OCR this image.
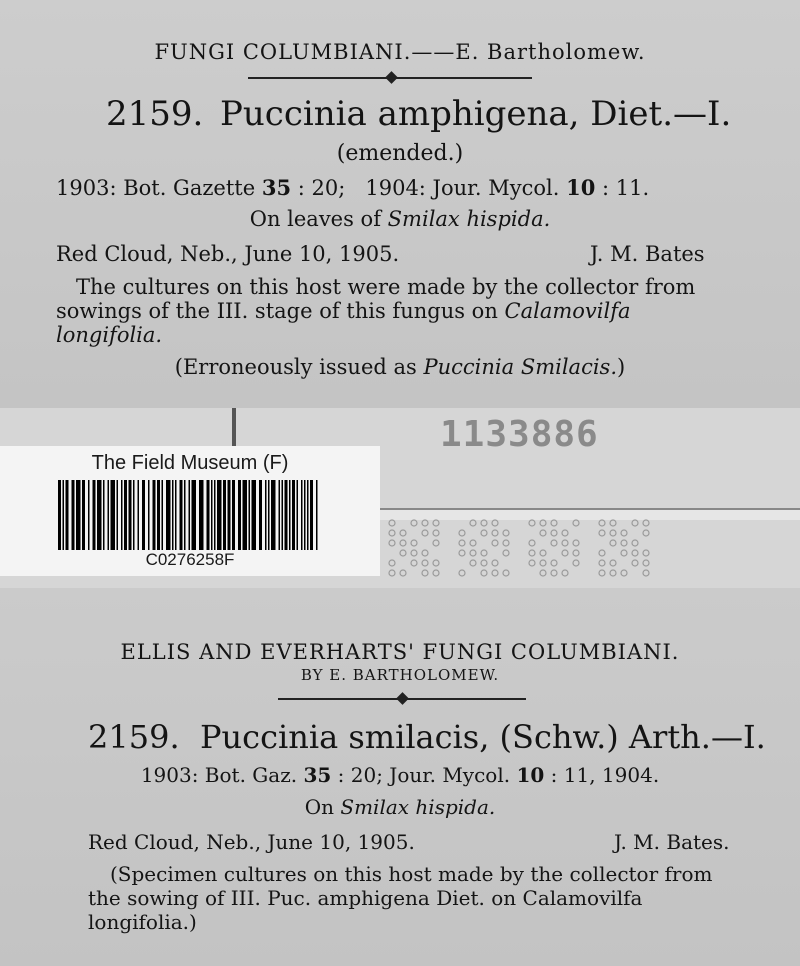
FUNGI COLUMBIANI.——E. Bartholomew.
2159. Puccinia amphigena, Diet.—I.
(emended.)
1903: Bot. Gazette 35 : 20; 1904: Jour. Mycol. 10 : 11.
On leaves of Smilax hispida.
Red Cloud, Neb., June 10, 1905.	J. M. Bates
The cultures on this host were made by the collector from
sowings of the III. stage of this fungus on Calamovilfa
longifolia.
(Erroneously issued as Puccinia Smilacis.)
1133886
The Field Museum (F)
C0276258F
ELLIS AND EVERHARTS' FUNGI COLUMBIANI.
BY E. BARTHOLOMEW.
2159. Puccinia smilacis, (Schw.) Arth.—I.
1903: Bot. Gaz. 35 : 20; Jour. Mycol. 10 : 11, 1904.
On Smilax hispida.
Red Cloud, Neb., June 10, 1905.	J. M. Bates.
(Specimen cultures on this host made by the collector from
the sowing of III. Puc. amphigena Diet. on Calamovilfa
longifolia.)
